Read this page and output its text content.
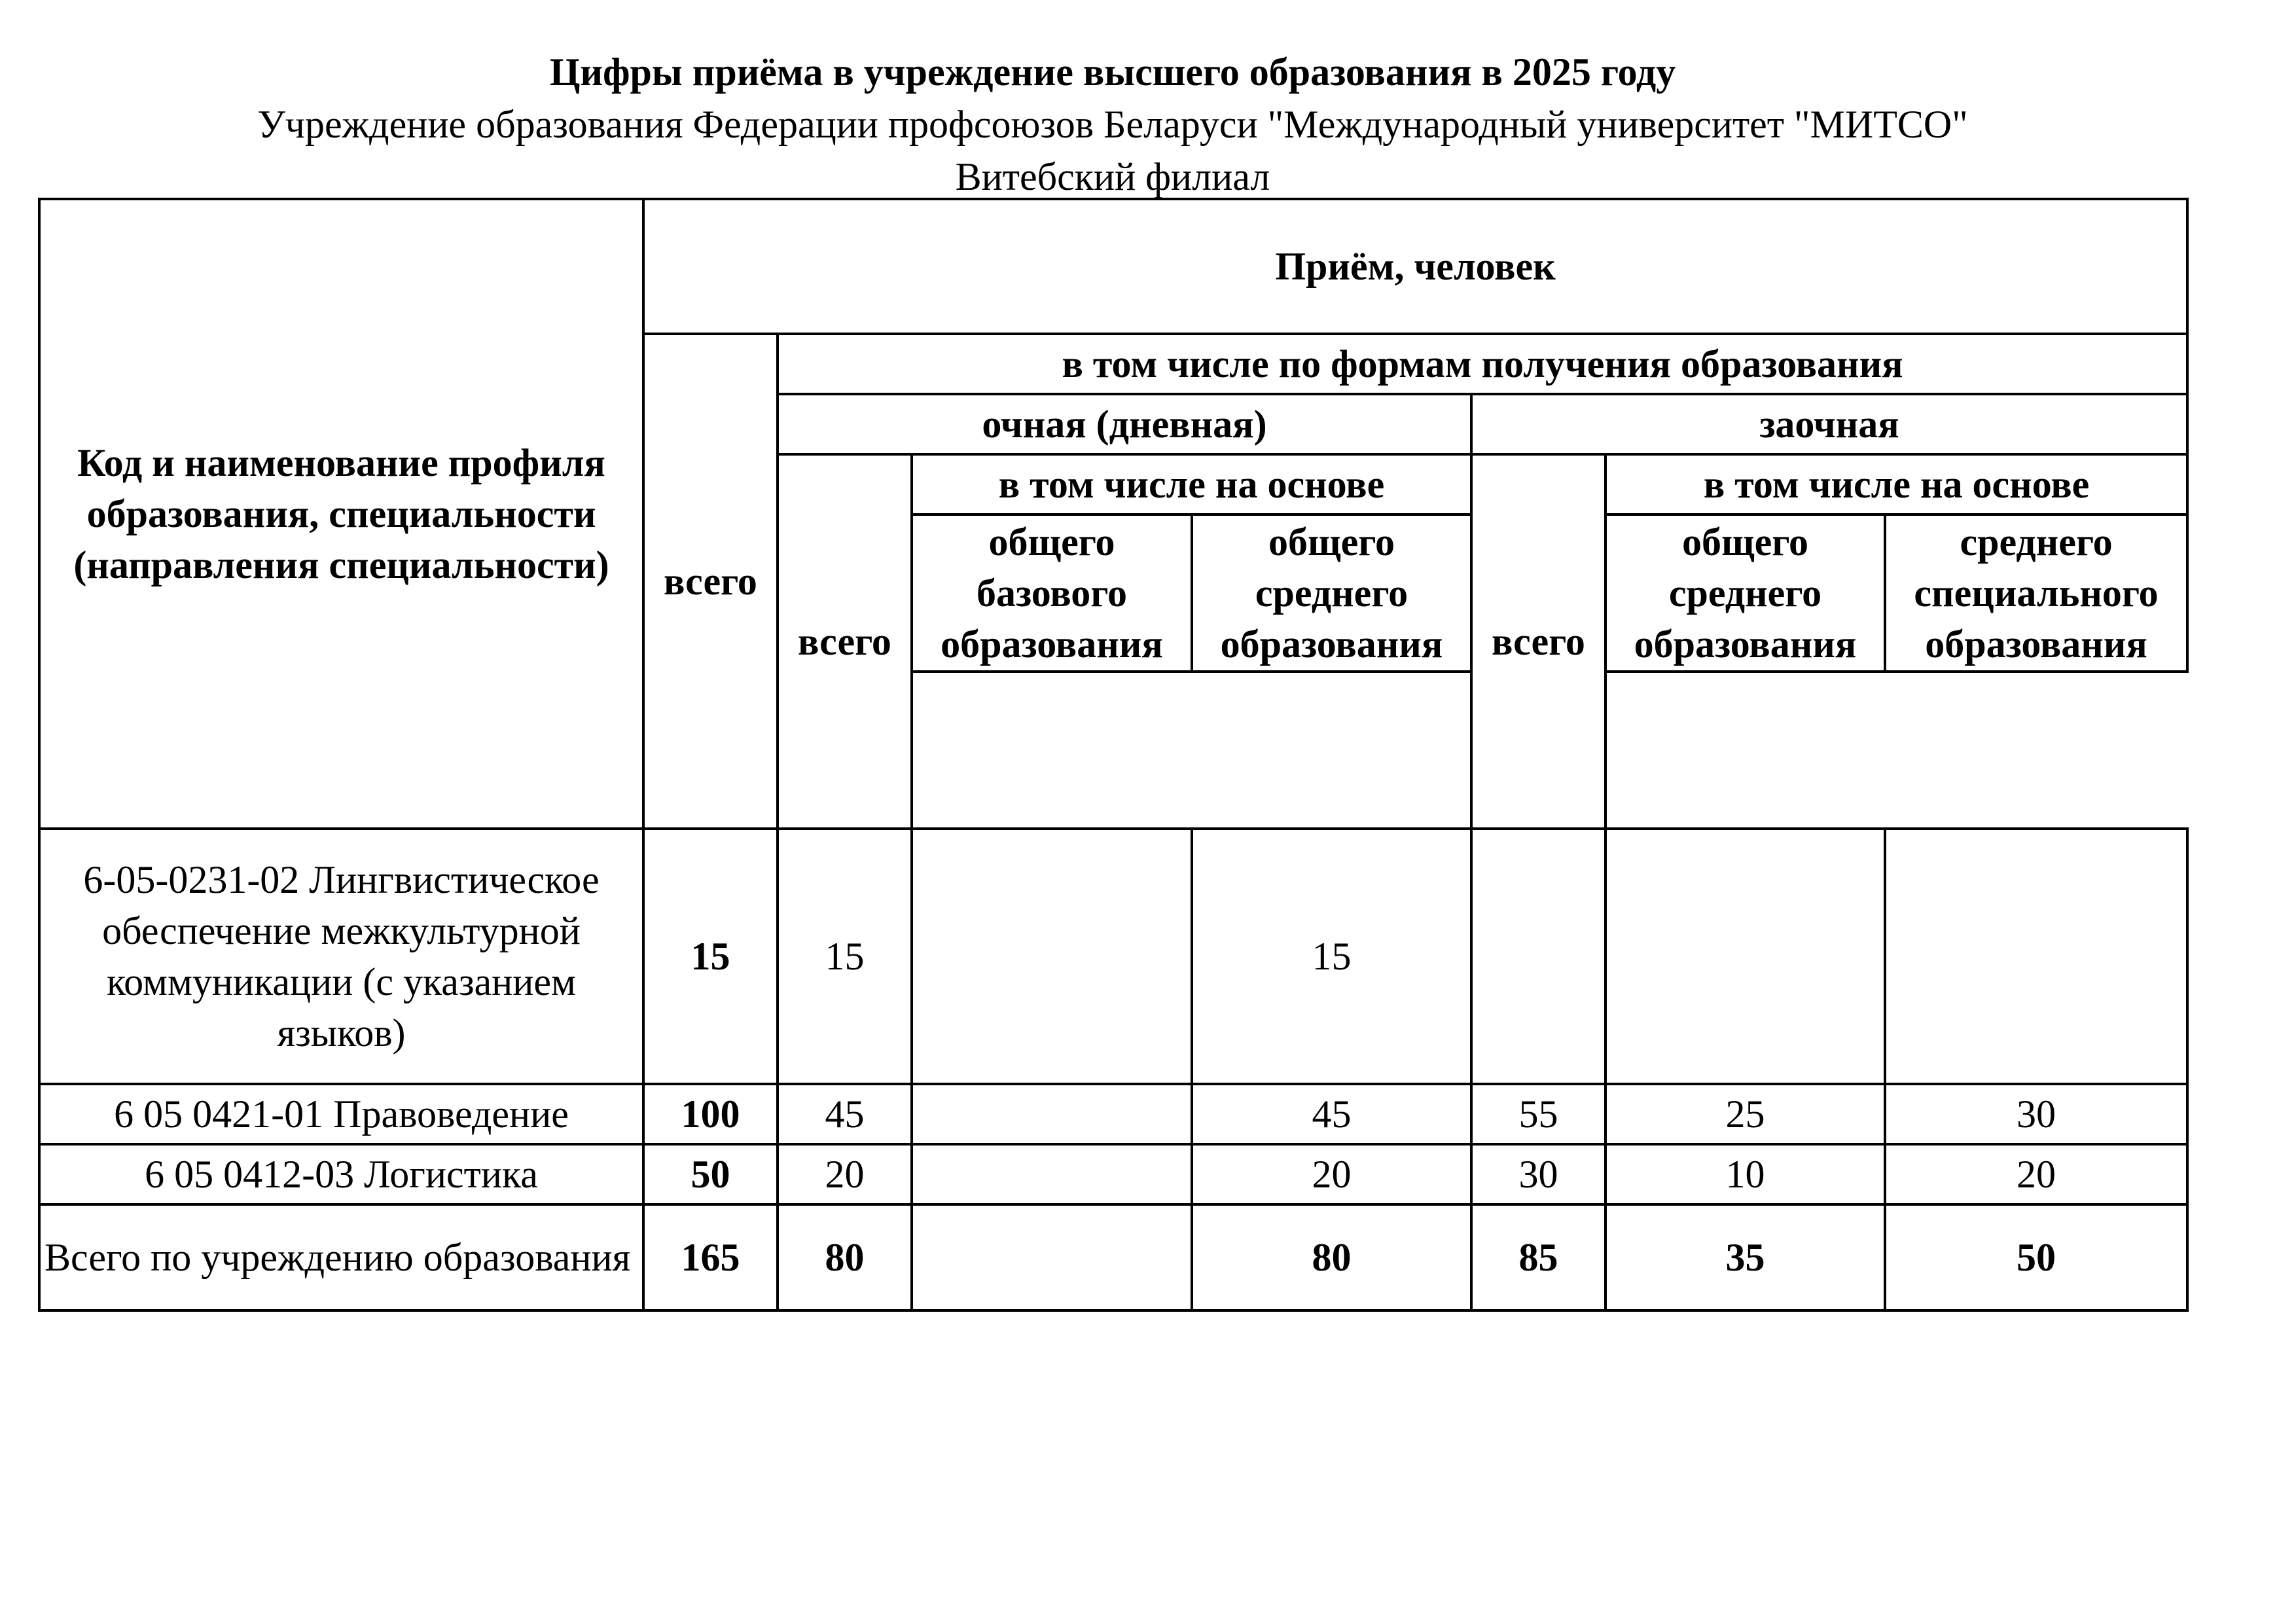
Цифры приёма в учреждение высшего образования в 2025 году
Учреждение образования Федерации профсоюзов Беларуси "Международный университет "МИТСО"
Витебский филиал
Код и наименование профиля образования, специальности (направления специальности)	Приём, человек						
	всего	в том числе по формам получения образования					
		очная (дневная)			заочная		
		всего	в том числе на основе		всего	в том числе на основе	
			общего базового образования	общего среднего образования		общего среднего образования	среднего специального образования

6-05-0231-02 Лингвистическое обеспечение межкультурной коммуникации (с указанием языков)	15	15		15			
6 05 0421-01 Правоведение	100	45		45	55	25	30
6 05 0412-03 Логистика	50	20		20	30	10	20
Всего по учреждению образования	165	80		80	85	35	50
